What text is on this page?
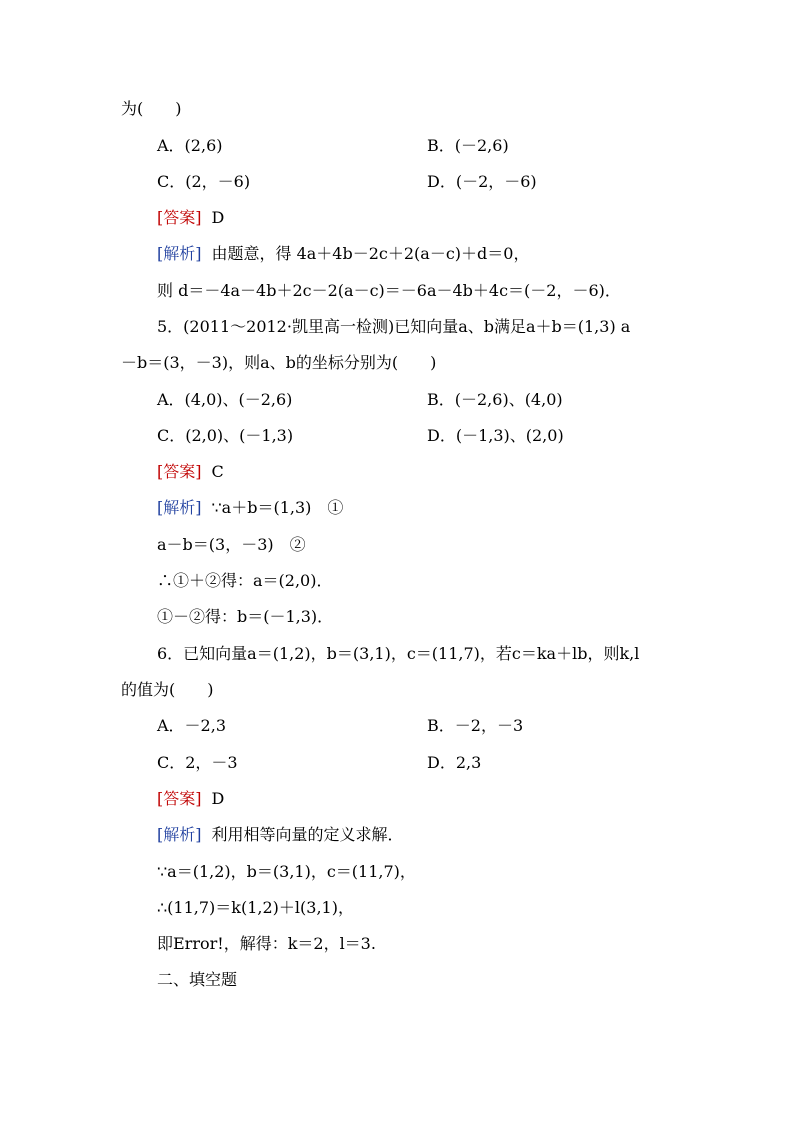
为(　　)
A．(2,6)	B．(－2,6)
C．(2，－6)	D．(－2，－6)
[答案] D
[解析] 由题意，得 4a＋4b－2c＋2(a－c)＋d＝0，
则 d＝－4a－4b＋2c－2(a－c)＝－6a－4b＋4c＝(－2，－6)．
5．(2011～2012·凯里高一检测)已知向量a、b满足a＋b＝(1,3) a
－b＝(3，－3)，则a、b的坐标分别为(　　)
A．(4,0)、(－2,6)	B．(－2,6)、(4,0)
C．(2,0)、(－1,3)	D．(－1,3)、(2,0)
[答案] C
[解析] ∵a＋b＝(1,3)　①
a－b＝(3，－3)　②
∴①＋②得：a＝(2,0)．
①－②得：b＝(－1,3)．
6．已知向量a＝(1,2)，b＝(3,1)，c＝(11,7)，若c＝ka＋lb，则k,l
的值为(　　)
A．－2,3	B．－2，－3
C．2，－3	D．2,3
[答案] D
[解析] 利用相等向量的定义求解．
∵a＝(1,2)，b＝(3,1)，c＝(11,7)，
∴(11,7)＝k(1,2)＋l(3,1)，
即Error!，解得：k＝2，l＝3.
二、填空题
